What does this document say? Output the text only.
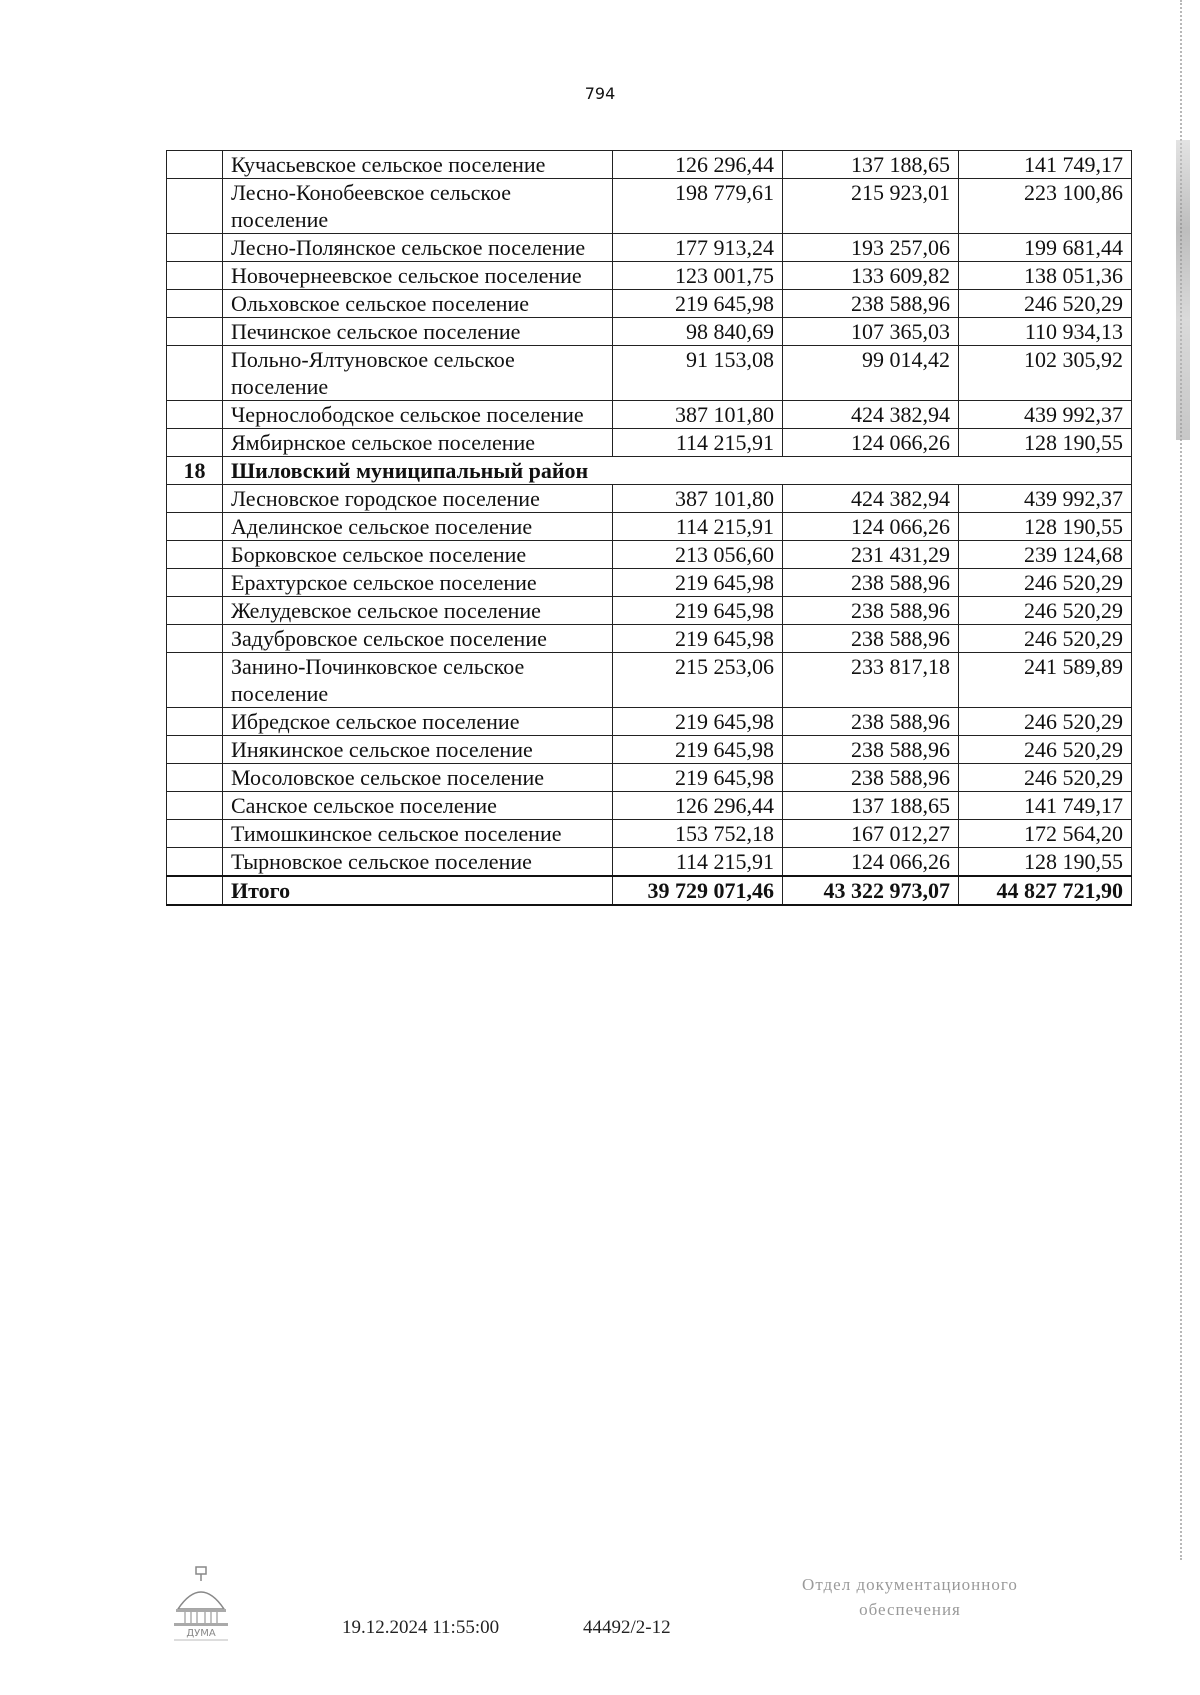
794
	Кучасьевское сельское поселение	126 296,44	137 188,65	141 749,17
	Лесно-Конобеевское сельское поселение	198 779,61	215 923,01	223 100,86
	Лесно-Полянское сельское поселение	177 913,24	193 257,06	199 681,44
	Новочернеевское сельское поселение	123 001,75	133 609,82	138 051,36
	Ольховское сельское поселение	219 645,98	238 588,96	246 520,29
	Печинское сельское поселение	98 840,69	107 365,03	110 934,13
	Польно-Ялтуновское сельское поселение	91 153,08	99 014,42	102 305,92
	Чернослободское сельское поселение	387 101,80	424 382,94	439 992,37
	Ямбирнское сельское поселение	114 215,91	124 066,26	128 190,55
18	Шиловский муниципальный район			
	Лесновское городское поселение	387 101,80	424 382,94	439 992,37
	Аделинское сельское поселение	114 215,91	124 066,26	128 190,55
	Борковское сельское поселение	213 056,60	231 431,29	239 124,68
	Ерахтурское сельское поселение	219 645,98	238 588,96	246 520,29
	Желудевское сельское поселение	219 645,98	238 588,96	246 520,29
	Задубровское сельское поселение	219 645,98	238 588,96	246 520,29
	Занино-Починковское сельское поселение	215 253,06	233 817,18	241 589,89
	Ибредское сельское поселение	219 645,98	238 588,96	246 520,29
	Инякинское сельское поселение	219 645,98	238 588,96	246 520,29
	Мосоловское сельское поселение	219 645,98	238 588,96	246 520,29
	Санское сельское поселение	126 296,44	137 188,65	141 749,17
	Тимошкинское сельское поселение	153 752,18	167 012,27	172 564,20
	Тырновское сельское поселение	114 215,91	124 066,26	128 190,55
	Итого	39 729 071,46	43 322 973,07	44 827 721,90
ДУМА	19.12.2024 11:55:00	44492/2-12
Отдел документационного
обеспечения
